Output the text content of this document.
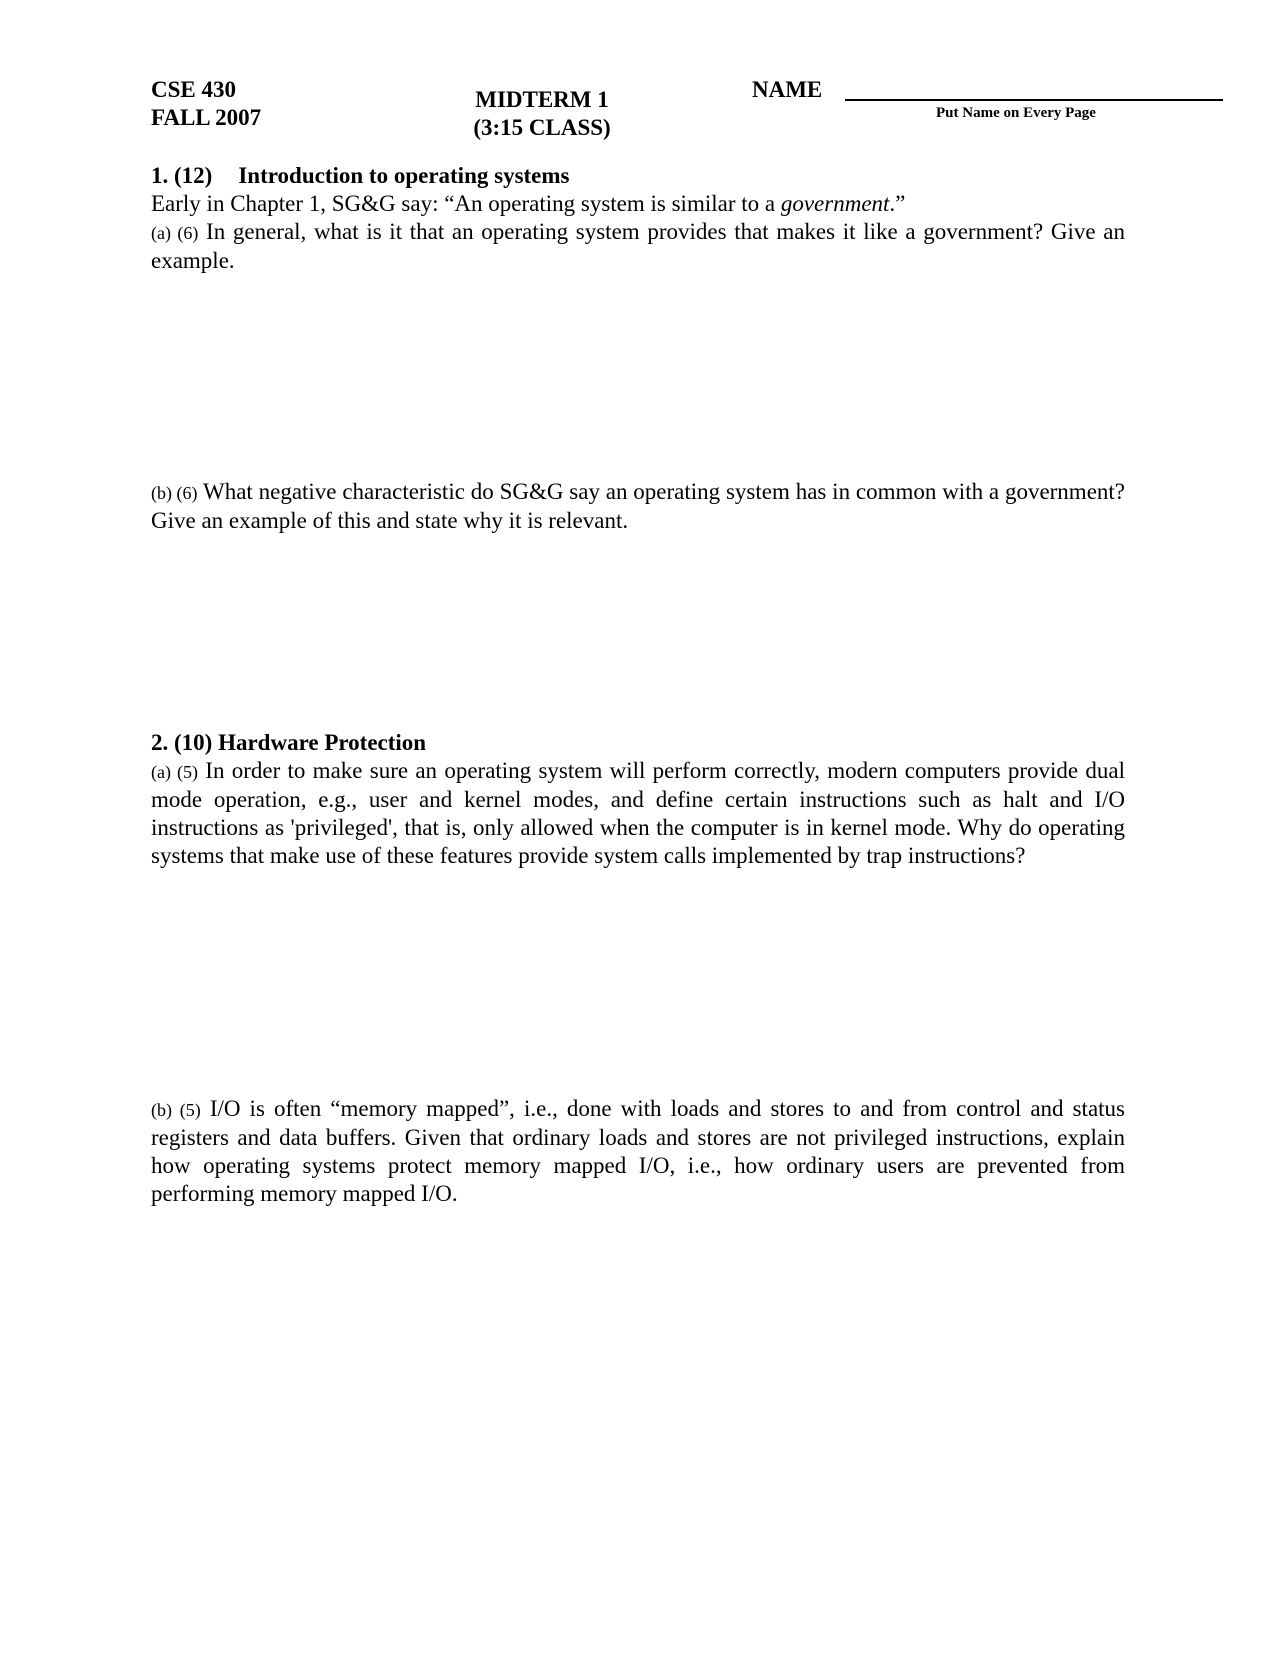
CSE 430
FALL 2007
MIDTERM 1
(3:15 CLASS)
NAME
Put Name on Every Page
1. (12) Introduction to operating systems
Early in Chapter 1, SG&G say: “An operating system is similar to a government.”
(a) (6) In general, what is it that an operating system provides that makes it like a government? Give an example.
(b) (6) What negative characteristic do SG&G say an operating system has in common with a government? Give an example of this and state why it is relevant.
2. (10) Hardware Protection
(a) (5) In order to make sure an operating system will perform correctly, modern computers provide dual mode operation, e.g., user and kernel modes, and define certain instructions such as halt and I/O instructions as 'privileged', that is, only allowed when the computer is in kernel mode. Why do operating systems that make use of these features provide system calls implemented by trap instructions?
(b) (5) I/O is often “memory mapped”, i.e., done with loads and stores to and from control and status registers and data buffers. Given that ordinary loads and stores are not privileged instructions, explain how operating systems protect memory mapped I/O, i.e., how ordinary users are prevented from performing memory mapped I/O.
